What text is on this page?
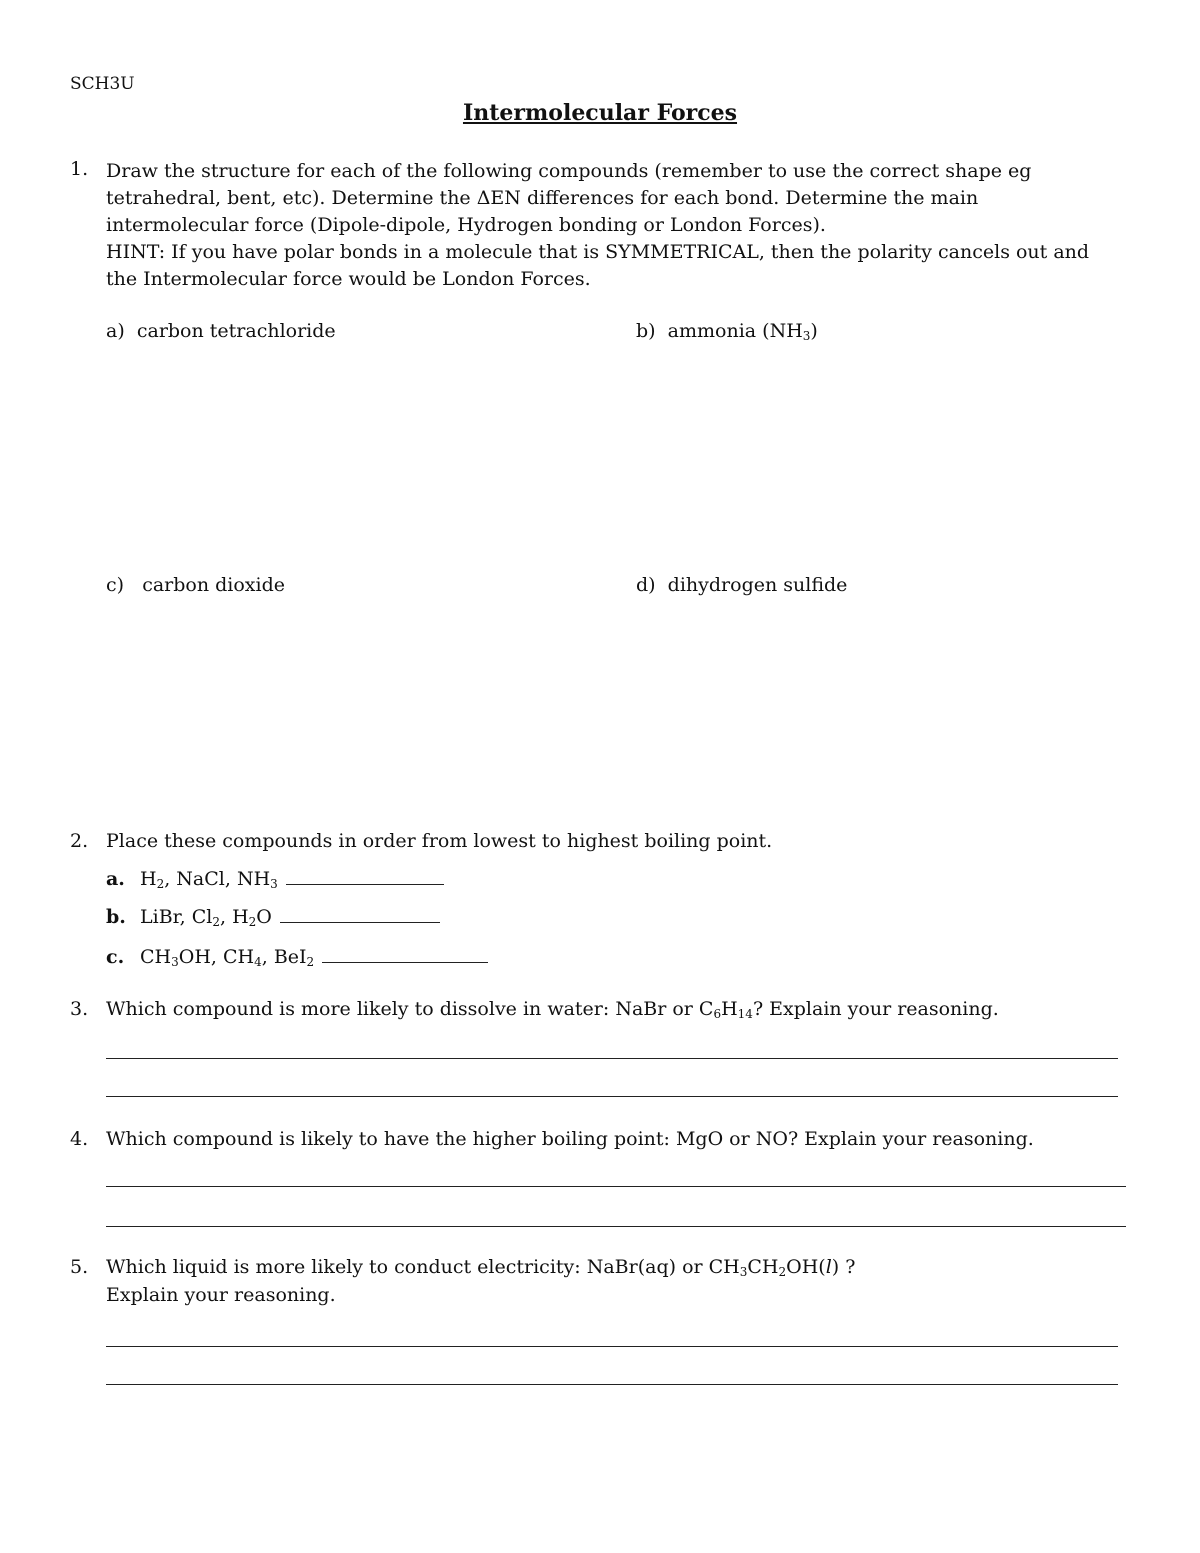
SCH3U
Intermolecular Forces
1. Draw the structure for each of the following compounds (remember to use the correct shape eg
tetrahedral, bent, etc). Determine the ΔEN differences for each bond. Determine the main
intermolecular force (Dipole-dipole, Hydrogen bonding or London Forces).
HINT: If you have polar bonds in a molecule that is SYMMETRICAL, then the polarity cancels out and
the Intermolecular force would be London Forces.
a) carbon tetrachloride	b) ammonia $(NH_3)$
c) carbon dioxide	d) dihydrogen sulfide
2. Place these compounds in order from lowest to highest boiling point.
a. $H_2$, NaCl, $NH_3$
b. LiBr, $Cl_2$, $H_2O$
c. $CH_3OH$, $CH_4$, BeI$_2$
3. Which compound is more likely to dissolve in water: NaBr or $C_6H_{14}$? Explain your reasoning.
4. Which compound is likely to have the higher boiling point: MgO or NO? Explain your reasoning.
5. Which liquid is more likely to conduct electricity: NaBr(aq) or $CH_3CH_2OH(l)$ ?
Explain your reasoning.
